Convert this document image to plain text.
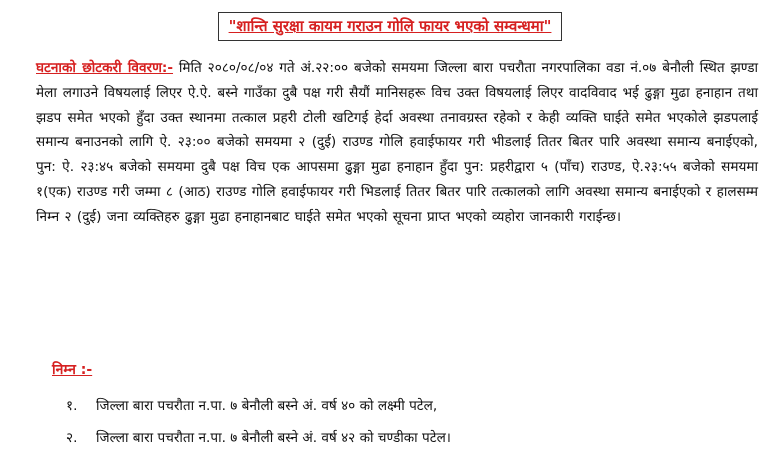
"शान्ति सुरक्षा कायम गराउन गोलि फायर भएको सम्वन्धमा"
घटनाको छोटकरी विवरण:- मिति २०८०/०८/०४ गते अं.२२:०० बजेको समयमा जिल्ला बारा पचरौता नगरपालिका वडा नं.०७ बेनौली स्थित झण्डा मेला लगाउने विषयलाई लिएर ऐ.ऐ. बस्ने गाउँका दुबै पक्ष गरी सैयौं मानिसहरू विच उक्त विषयलाई लिएर वादविवाद भई ढुङ्गा मुढा हनाहान तथा झडप समेत भएको हुँदा उक्त स्थानमा तत्काल प्रहरी टोली खटिगई हेर्दा अवस्था तनावग्रस्त रहेको र केही व्यक्ति घाईते समेत भएकोले झडपलाई समान्य बनाउनको लागि ऐ. २३:०० बजेको समयमा २ (दुई) राउण्ड गोलि हवाईफायर गरी भीडलाई तितर बितर पारि अवस्था समान्य बनाईएको, पुन: ऐ. २३:४५ बजेको समयमा दुबै पक्ष विच एक आपसमा ढुङ्गा मुढा हनाहान हुँदा पुन: प्रहरीद्वारा ५ (पाँच) राउण्ड, ऐ.२३:५५ बजेको समयमा १(एक) राउण्ड गरी जम्मा ८ (आठ) राउण्ड गोलि हवाईफायर गरी भिडलाई तितर बितर पारि तत्कालको लागि अवस्था समान्य बनाईएको र हालसम्म निम्न २ (दुई) जना व्यक्तिहरु ढुङ्गा मुढा हनाहानबाट घाईते समेत भएको सूचना प्राप्त भएको व्यहोरा जानकारी गराईन्छ।
निम्न :-
१. जिल्ला बारा पचरौता न.पा. ७ बेनौली बस्ने अं. वर्ष ४० को लक्ष्मी पटेल,
२. जिल्ला बारा पचरौता न.पा. ७ बेनौली बस्ने अं. वर्ष ४२ को चण्डीका पटेल।
